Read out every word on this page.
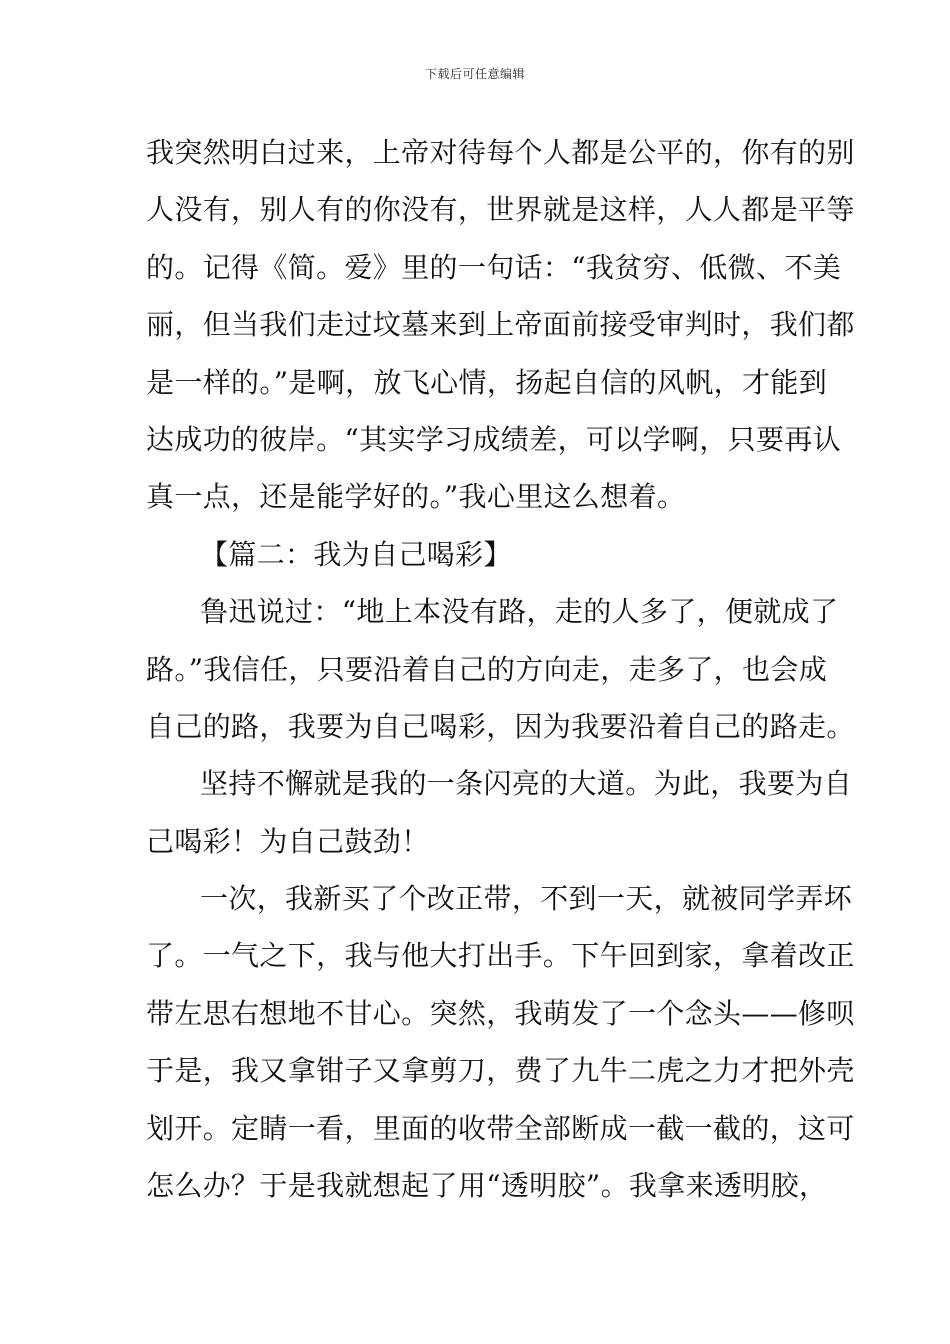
下载后可任意编辑
我突然明白过来，上帝对待每个人都是公平的，你有的别
人没有，别人有的你没有，世界就是这样，人人都是平等
的。记得《简。爱》里的一句话：“我贫穷、低微、不美
丽，但当我们走过坟墓来到上帝面前接受审判时，我们都
是一样的。”是啊，放飞心情，扬起自信的风帆，才能到
达成功的彼岸。“其实学习成绩差，可以学啊，只要再认
真一点，还是能学好的。”我心里这么想着。
【篇二：我为自己喝彩】
鲁迅说过：“地上本没有路，走的人多了，便就成了
路。”我信任，只要沿着自己的方向走，走多了，也会成
自己的路，我要为自己喝彩，因为我要沿着自己的路走。
坚持不懈就是我的一条闪亮的大道。为此，我要为自
己喝彩！为自己鼓劲！
一次，我新买了个改正带，不到一天，就被同学弄坏
了。一气之下，我与他大打出手。下午回到家，拿着改正
带左思右想地不甘心。突然，我萌发了一个念头——修呗
于是，我又拿钳子又拿剪刀，费了九牛二虎之力才把外壳
划开。定睛一看，里面的收带全部断成一截一截的，这可
怎么办？于是我就想起了用“透明胶”。我拿来透明胶，
